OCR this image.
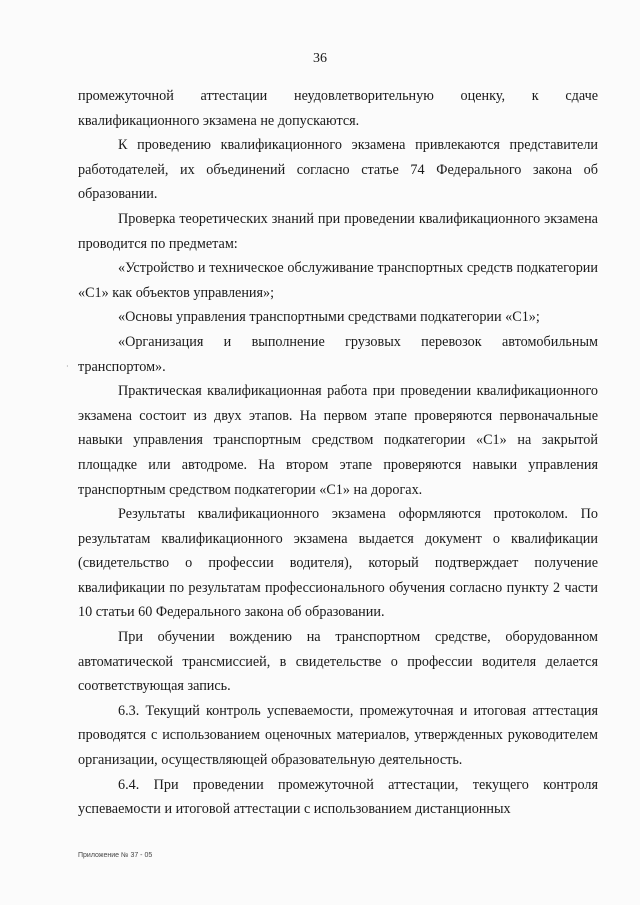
36
·

промежуточной аттестации неудовлетворительную оценку, к сдаче квалификационного экзамена не допускаются.

К проведению квалификационного экзамена привлекаются представители работодателей, их объединений согласно статье 74 Федерального закона об образовании.

Проверка теоретических знаний при проведении квалификационного экзамена проводится по предметам:

«Устройство и техническое обслуживание транспортных средств подкатегории «C1» как объектов управления»;

«Основы управления транспортными средствами подкатегории «C1»;

«Организация и выполнение грузовых перевозок автомобильным транспортом».

Практическая квалификационная работа при проведении квалификационного экзамена состоит из двух этапов. На первом этапе проверяются первоначальные навыки управления транспортным средством подкатегории «C1» на закрытой площадке или автодроме. На втором этапе проверяются навыки управления транспортным средством подкатегории «C1» на дорогах.

Результаты квалификационного экзамена оформляются протоколом. По результатам квалификационного экзамена выдается документ о квалификации (свидетельство о профессии водителя), который подтверждает получение квалификации по результатам профессионального обучения согласно пункту 2 части 10 статьи 60 Федерального закона об образовании.

При обучении вождению на транспортном средстве, оборудованном автоматической трансмиссией, в свидетельстве о профессии водителя делается соответствующая запись.

6.3. Текущий контроль успеваемости, промежуточная и итоговая аттестация проводятся с использованием оценочных материалов, утвержденных руководителем организации, осуществляющей образовательную деятельность.

6.4. При проведении промежуточной аттестации, текущего контроля успеваемости и итоговой аттестации с использованием дистанционных

Приложение № 37 - 05
